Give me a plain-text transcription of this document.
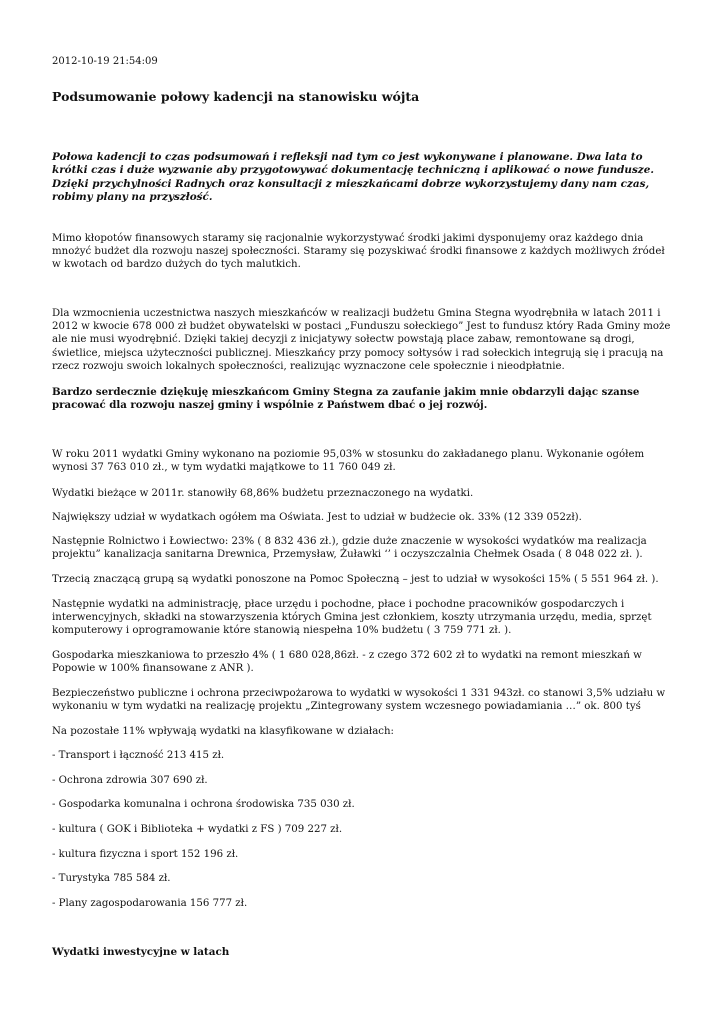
2012-10-19 21:54:09
Podsumowanie połowy kadencji na stanowisku wójta

Połowa kadencji to czas podsumowań i refleksji nad tym co jest wykonywane i planowane. Dwa lata to krótki czas i duże wyzwanie aby przygotowywać dokumentację techniczną i aplikować o nowe fundusze. Dzięki przychylności Radnych oraz konsultacji z mieszkańcami dobrze wykorzystujemy dany nam czas, robimy plany na przyszłość.

Mimo kłopotów finansowych staramy się racjonalnie wykorzystywać środki jakimi dysponujemy oraz każdego dnia mnożyć budżet dla rozwoju naszej społeczności. Staramy się pozyskiwać środki finansowe z każdych możliwych źródeł w kwotach od bardzo dużych do tych malutkich.

Dla wzmocnienia uczestnictwa naszych mieszkańców w realizacji budżetu Gmina Stegna wyodrębniła w latach 2011 i 2012 w kwocie 678 000 zł budżet obywatelski w postaci „Funduszu sołeckiego” Jest to fundusz który Rada Gminy może ale nie musi wyodrębnić. Dzięki takiej decyzji z inicjatywy sołectw powstają place zabaw, remontowane są drogi, świetlice, miejsca użyteczności publicznej. Mieszkańcy przy pomocy sołtysów i rad sołeckich integrują się i pracują na rzecz rozwoju swoich lokalnych społeczności, realizując wyznaczone cele społecznie i nieodpłatnie.

Bardzo serdecznie dziękuję mieszkańcom Gminy Stegna za zaufanie jakim mnie obdarzyli dając szanse pracować dla rozwoju naszej gminy i wspólnie z Państwem dbać o jej rozwój.

W roku 2011 wydatki Gminy wykonano na poziomie 95,03% w stosunku do zakładanego planu. Wykonanie ogółem wynosi 37 763 010 zł., w tym wydatki majątkowe to 11 760 049 zł.

Wydatki bieżące w 2011r. stanowiły 68,86% budżetu przeznaczonego na wydatki.

Największy udział w wydatkach ogółem ma Oświata. Jest to udział w budżecie ok. 33% (12 339 052zł).

Następnie Rolnictwo i Łowiectwo: 23% ( 8 832 436 zł.), gdzie duże znaczenie w wysokości wydatków ma realizacja projektu” kanalizacja sanitarna Drewnica, Przemysław, Żuławki ‘’ i oczyszczalnia Chełmek Osada ( 8 048 022 zł. ).

Trzecią znaczącą grupą są wydatki ponoszone na Pomoc Społeczną – jest to udział w wysokości 15% ( 5 551 964 zł. ).

Następnie wydatki na administrację, płace urzędu i pochodne, płace i pochodne pracowników gospodarczych i interwencyjnych, składki na stowarzyszenia których Gmina jest członkiem, koszty utrzymania urzędu, media, sprzęt komputerowy i oprogramowanie które stanowią niespełna 10% budżetu ( 3 759 771 zł. ).

Gospodarka mieszkaniowa to przeszło 4% ( 1 680 028,86zł. - z czego 372 602 zł to wydatki na remont mieszkań w Popowie w 100% finansowane z ANR ).

Bezpieczeństwo publiczne i ochrona przeciwpożarowa to wydatki w wysokości 1 331 943zł. co stanowi 3,5% udziału w wykonaniu w tym wydatki na realizację projektu „Zintegrowany system wczesnego powiadamiania …” ok. 800 tyś

Na pozostałe 11% wpływają wydatki na klasyfikowane w działach:

- Transport i łączność 213 415 zł.

- Ochrona zdrowia 307 690 zł.

- Gospodarka komunalna i ochrona środowiska 735 030 zł.

- kultura ( GOK i Biblioteka + wydatki z FS ) 709 227 zł.

- kultura fizyczna i sport 152 196 zł.

- Turystyka 785 584 zł.

- Plany zagospodarowania 156 777 zł.

Wydatki inwestycyjne w latach
